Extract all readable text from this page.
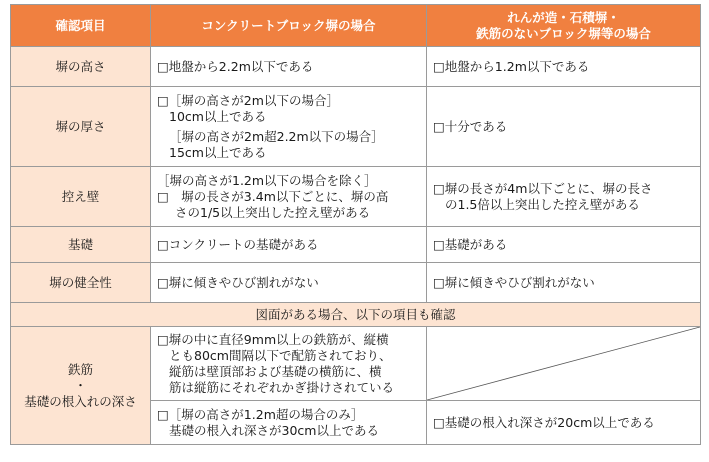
確認項目	コンクリートブロック塀の場合	れんが造・石積塀・
鉄筋のないブロック塀等の場合

塀の高さ	□地盤から2.2m以下である	□地盤から1.2m以下である
塀の厚さ	□［塀の高さが2m以下の場合］
10cm以上である
［塀の高さが2m超2.2m以下の場合］
15cm以上である	□十分である
控え壁	［塀の高さが1.2m以下の場合を除く］
□　塀の長さが3.4m以下ごとに、塀の高
さの1/5以上突出した控え壁がある	□塀の長さが4m以下ごとに、塀の長さ
の1.5倍以上突出した控え壁がある

基礎	□コンクリートの基礎がある	□基礎がある
塀の健全性	□塀に傾きやひび割れがない	□塀に傾きやひび割れがない
図面がある場合、以下の項目も確認		

鉄筋
・
基礎の根入れの深さ	□塀の中に直径9mm以上の鉄筋が、縦横
とも80cm間隔以下で配筋されており、
縦筋は壁頂部および基礎の横筋に、横
筋は縦筋にそれぞれかぎ掛けされている

	□［塀の高さが1.2m超の場合のみ］
基礎の根入れ深さが30cm以上である	□基礎の根入れ深さが20cm以上である
